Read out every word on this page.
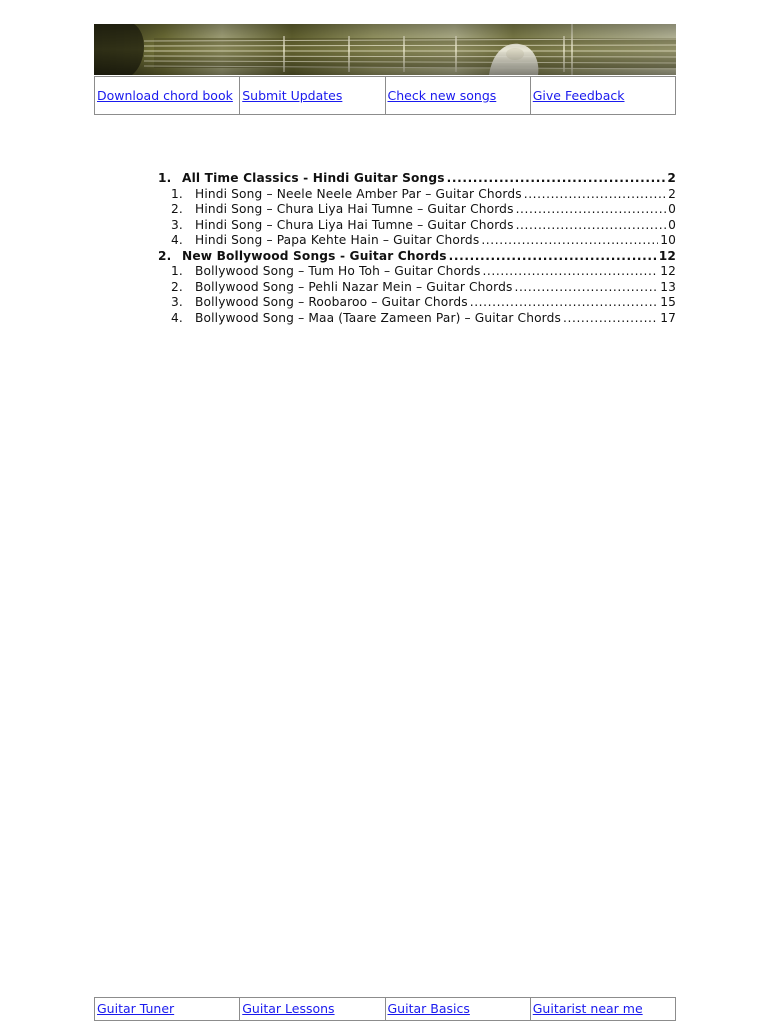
Download chord book	Submit Updates	Check new songs	Give Feedback
1. All Time Classics - Hindi Guitar Songs .....	2
1. Hindi Song – Neele Neele Amber Par – Guitar Chords .....	2
2. Hindi Song – Chura Liya Hai Tumne – Guitar Chords .....	0
3. Hindi Song – Chura Liya Hai Tumne – Guitar Chords .....	0
4. Hindi Song – Papa Kehte Hain – Guitar Chords .....	10
2. New Bollywood Songs - Guitar Chords .....	12
1. Bollywood Song – Tum Ho Toh – Guitar Chords .....	12
2. Bollywood Song – Pehli Nazar Mein – Guitar Chords .....	13
3. Bollywood Song – Roobaroo – Guitar Chords .....	15
4. Bollywood Song – Maa (Taare Zameen Par) – Guitar Chords .....	17
Guitar Tuner	Guitar Lessons	Guitar Basics	Guitarist near me
